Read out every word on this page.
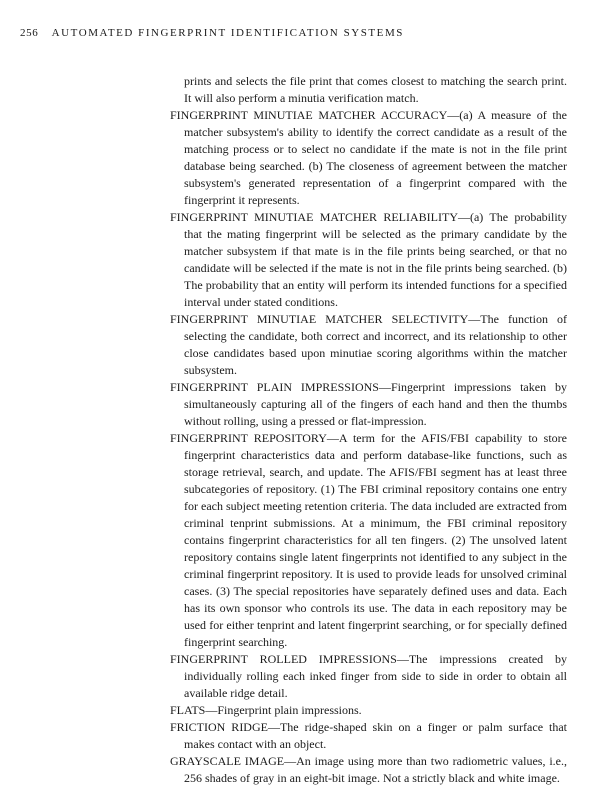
256 AUTOMATED FINGERPRINT IDENTIFICATION SYSTEMS

prints and selects the file print that comes closest to matching the search print. It will also perform a minutia verification match.

FINGERPRINT MINUTIAE MATCHER ACCURACY—(a) A measure of the matcher subsystem's ability to identify the correct candidate as a result of the matching process or to select no candidate if the mate is not in the file print database being searched. (b) The closeness of agreement between the matcher subsystem's generated representation of a fingerprint compared with the fingerprint it represents.

FINGERPRINT MINUTIAE MATCHER RELIABILITY—(a) The probability that the mating fingerprint will be selected as the primary candidate by the matcher subsystem if that mate is in the file prints being searched, or that no candidate will be selected if the mate is not in the file prints being searched. (b) The probability that an entity will perform its intended functions for a specified interval under stated conditions.

FINGERPRINT MINUTIAE MATCHER SELECTIVITY—The function of selecting the candidate, both correct and incorrect, and its relationship to other close candidates based upon minutiae scoring algorithms within the matcher subsystem.

FINGERPRINT PLAIN IMPRESSIONS—Fingerprint impressions taken by simultaneously capturing all of the fingers of each hand and then the thumbs without rolling, using a pressed or flat-impression.

FINGERPRINT REPOSITORY—A term for the AFIS/FBI capability to store fingerprint characteristics data and perform database-like functions, such as storage retrieval, search, and update. The AFIS/FBI segment has at least three subcategories of repository. (1) The FBI criminal repository contains one entry for each subject meeting retention criteria. The data included are extracted from criminal tenprint submissions. At a minimum, the FBI criminal repository contains fingerprint characteristics for all ten fingers. (2) The unsolved latent repository contains single latent fingerprints not identified to any subject in the criminal fingerprint repository. It is used to provide leads for unsolved criminal cases. (3) The special repositories have separately defined uses and data. Each has its own sponsor who controls its use. The data in each repository may be used for either tenprint and latent fingerprint searching, or for specially defined fingerprint searching.

FINGERPRINT ROLLED IMPRESSIONS—The impressions created by individually rolling each inked finger from side to side in order to obtain all available ridge detail.

FLATS—Fingerprint plain impressions.

FRICTION RIDGE—The ridge-shaped skin on a finger or palm surface that makes contact with an object.

GRAYSCALE IMAGE—An image using more than two radiometric values, i.e., 256 shades of gray in an eight-bit image. Not a strictly black and white image.
